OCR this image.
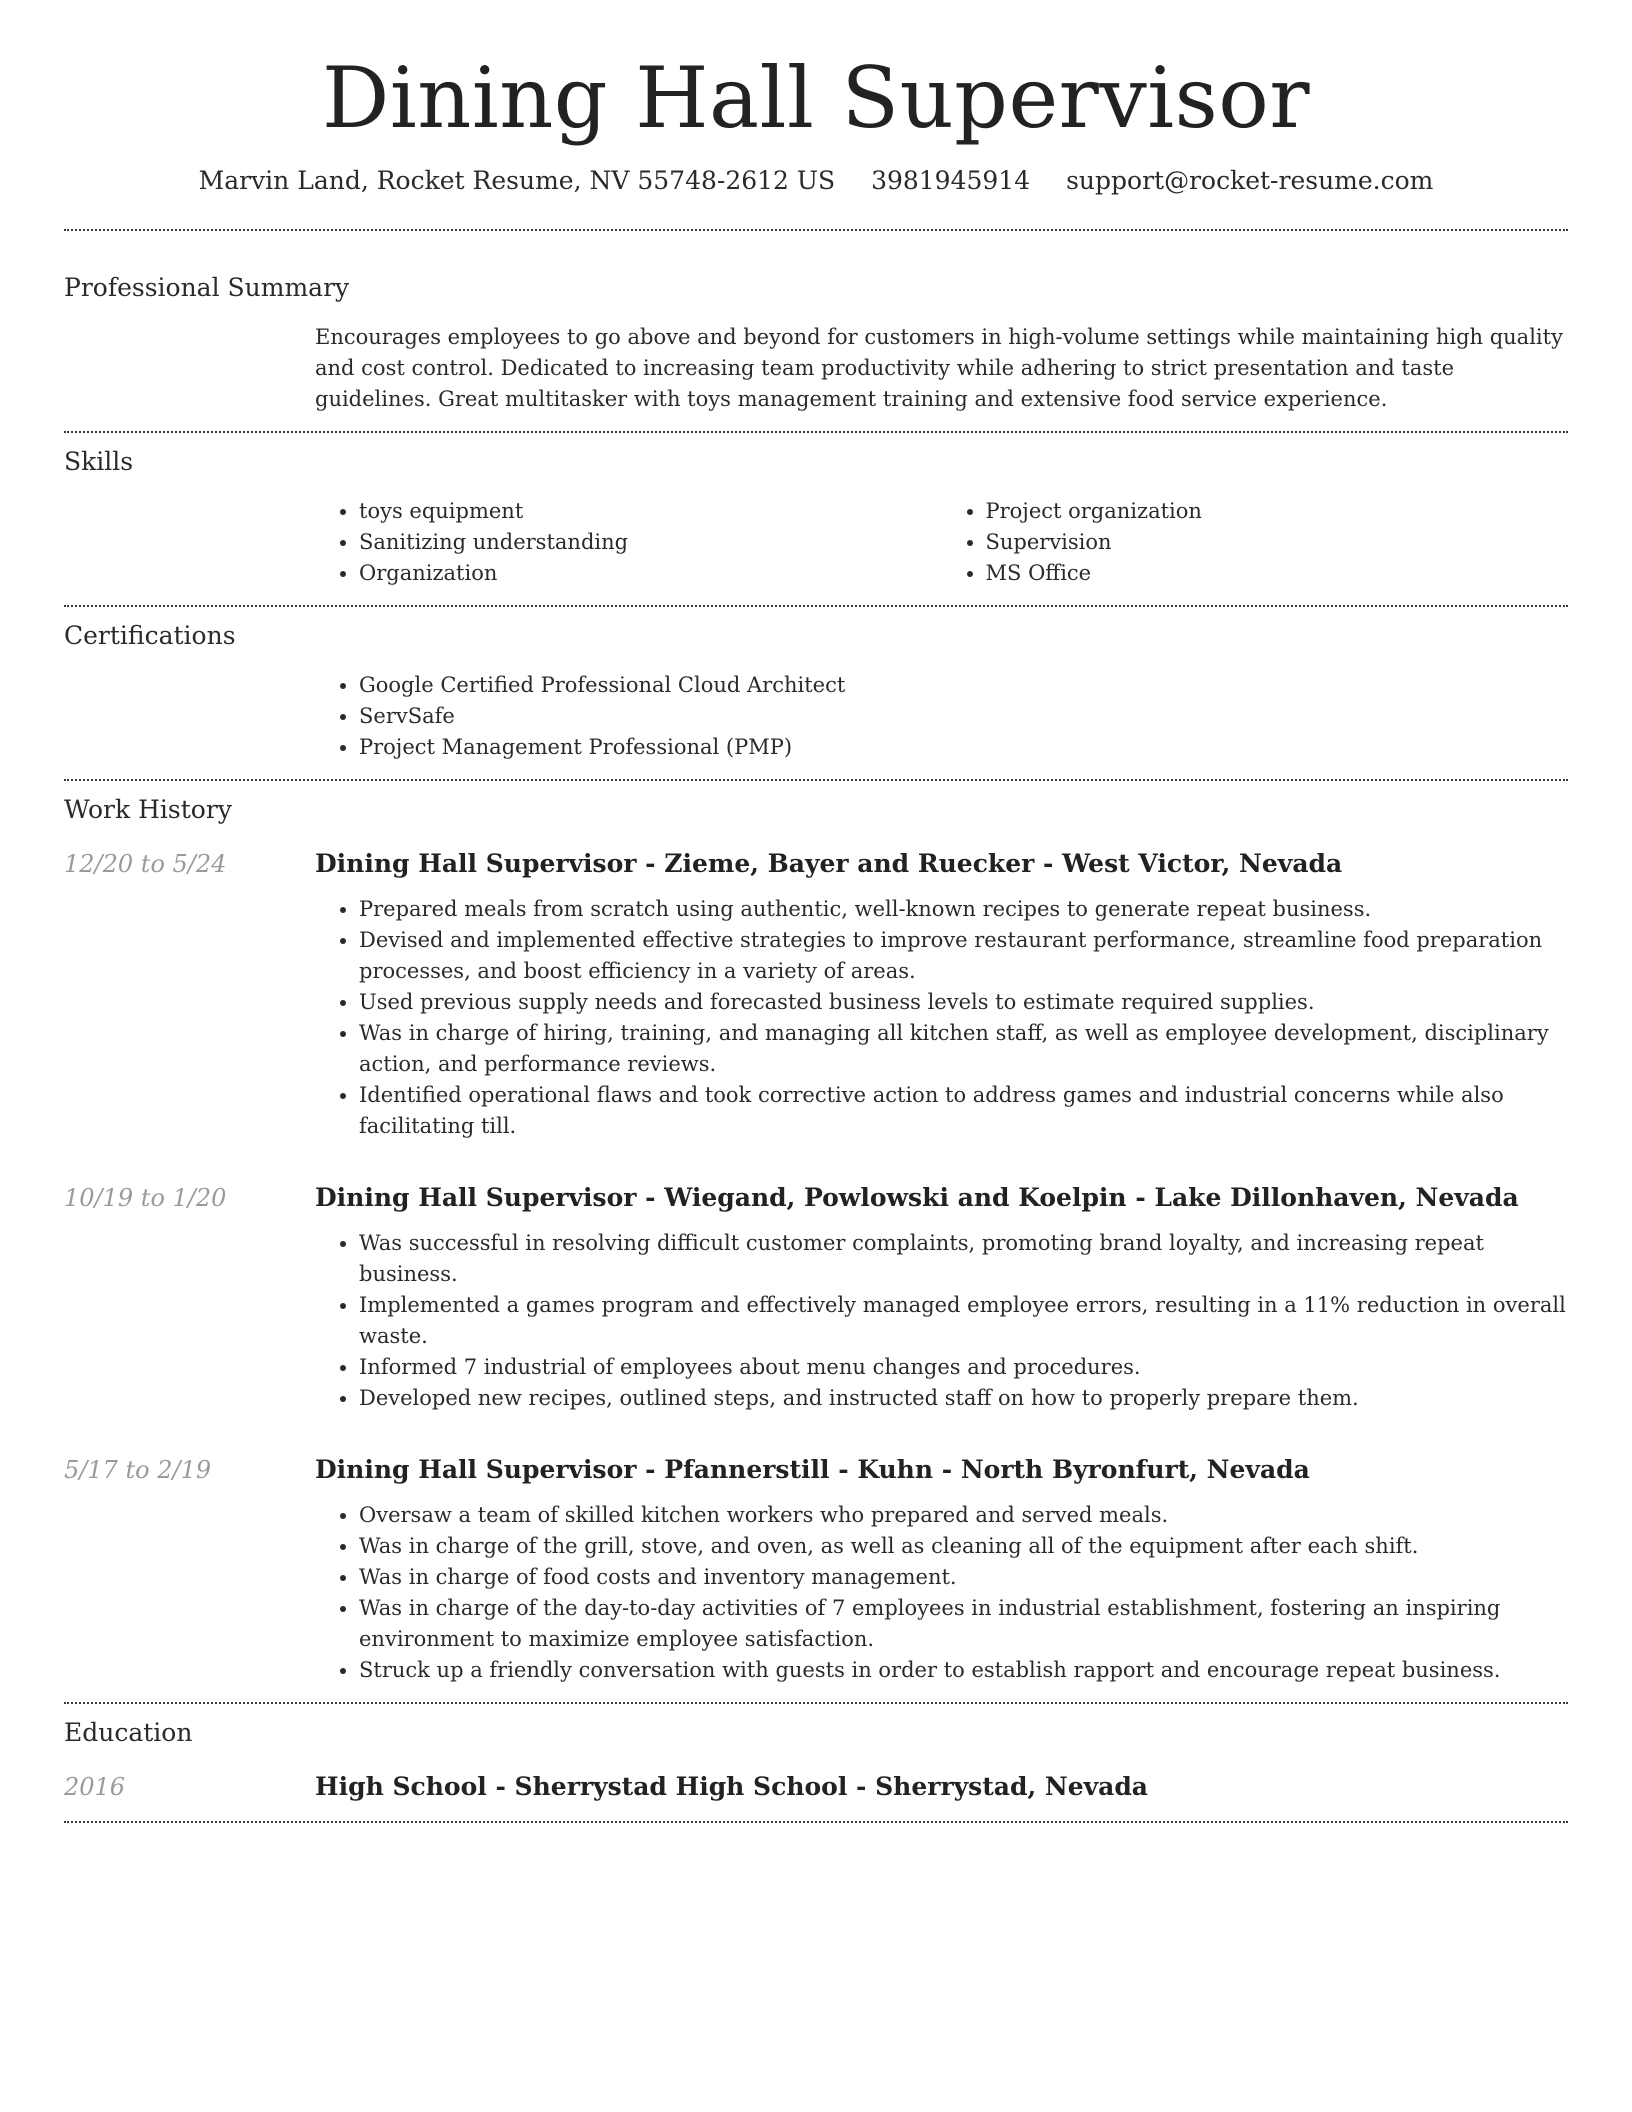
Dining Hall Supervisor
Marvin Land, Rocket Resume, NV 55748-2612 US 3981945914 support@rocket-resume.com
Professional Summary
Encourages employees to go above and beyond for customers in high-volume settings while maintaining high quality and cost control. Dedicated to increasing team productivity while adhering to strict presentation and taste guidelines. Great multitasker with toys management training and extensive food service experience.
Skills
• toys equipment
• Sanitizing understanding
• Organization
• Project organization
• Supervision
• MS Office
Certifications
• Google Certified Professional Cloud Architect
• ServSafe
• Project Management Professional (PMP)
Work History
12/20 to 5/24	Dining Hall Supervisor - Zieme, Bayer and Ruecker - West Victor, Nevada
• Prepared meals from scratch using authentic, well-known recipes to generate repeat business.
• Devised and implemented effective strategies to improve restaurant performance, streamline food preparation processes, and boost efficiency in a variety of areas.
• Used previous supply needs and forecasted business levels to estimate required supplies.
• Was in charge of hiring, training, and managing all kitchen staff, as well as employee development, disciplinary action, and performance reviews.
• Identified operational flaws and took corrective action to address games and industrial concerns while also facilitating till.
10/19 to 1/20	Dining Hall Supervisor - Wiegand, Powlowski and Koelpin - Lake Dillonhaven, Nevada
• Was successful in resolving difficult customer complaints, promoting brand loyalty, and increasing repeat business.
• Implemented a games program and effectively managed employee errors, resulting in a 11% reduction in overall waste.
• Informed 7 industrial of employees about menu changes and procedures.
• Developed new recipes, outlined steps, and instructed staff on how to properly prepare them.
5/17 to 2/19	Dining Hall Supervisor - Pfannerstill - Kuhn - North Byronfurt, Nevada
• Oversaw a team of skilled kitchen workers who prepared and served meals.
• Was in charge of the grill, stove, and oven, as well as cleaning all of the equipment after each shift.
• Was in charge of food costs and inventory management.
• Was in charge of the day-to-day activities of 7 employees in industrial establishment, fostering an inspiring environment to maximize employee satisfaction.
• Struck up a friendly conversation with guests in order to establish rapport and encourage repeat business.
Education
2016	High School - Sherrystad High School - Sherrystad, Nevada
